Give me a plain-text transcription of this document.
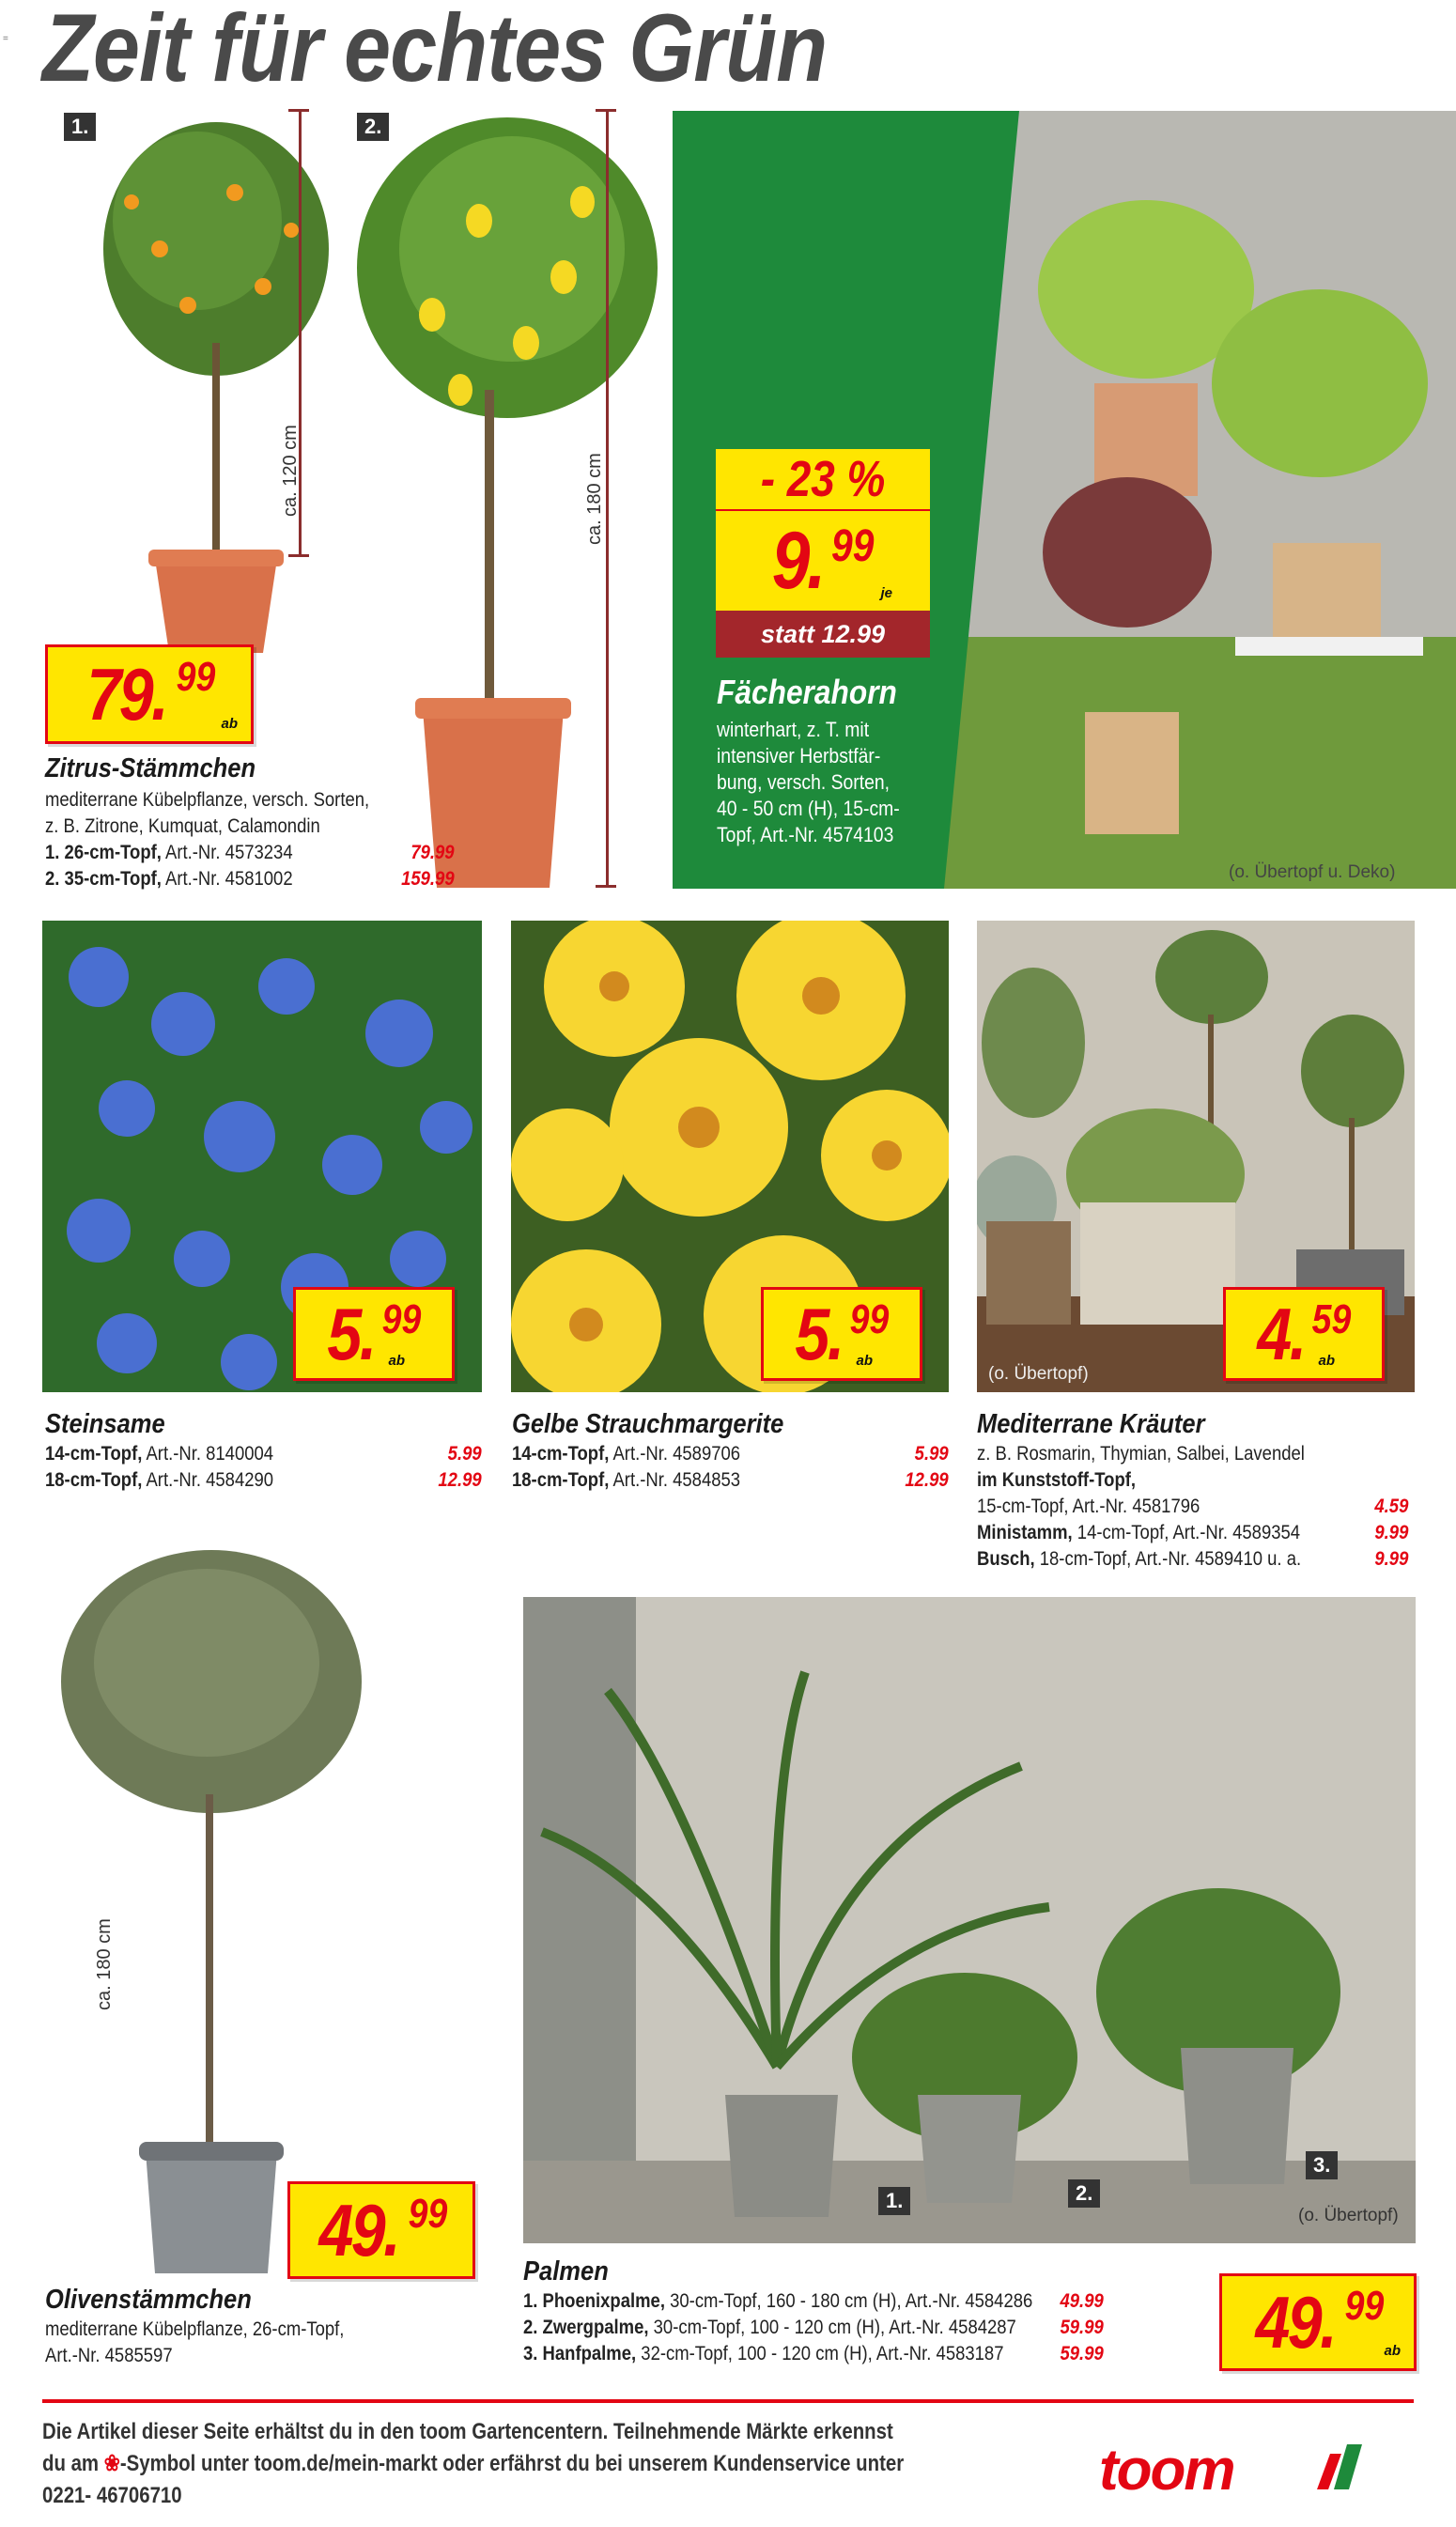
= Zeit für echtes Grün
1.	2.
ca. 120 cm	ca. 180 cm
79. 99
ab
Zitrus-Stämmchen
mediterrane Kübelpflanze, versch. Sorten,
z. B. Zitrone, Kumquat, Calamondin
1. 26-cm-Topf, Art.-Nr. 4573234	79.99
2. 35-cm-Topf, Art.-Nr. 4581002	159.99
- 23 %
9. 99
je
statt 12.99
Fächerahorn
winterhart, z. T. mit
intensiver Herbstfär-
bung, versch. Sorten,
40 - 50 cm (H), 15-cm-
Topf, Art.-Nr. 4574103
(o. Übertopf u. Deko)
5. 99
ab
Steinsame
14-cm-Topf, Art.-Nr. 8140004	5.99
18-cm-Topf, Art.-Nr. 4584290	12.99
5. 99
ab
Gelbe Strauchmargerite
14-cm-Topf, Art.-Nr. 4589706	5.99
18-cm-Topf, Art.-Nr. 4584853	12.99
(o. Übertopf) 4. 59
ab
Mediterrane Kräuter
z. B. Rosmarin, Thymian, Salbei, Lavendel
im Kunststoff-Topf,
15-cm-Topf, Art.-Nr. 4581796	4.59
Ministamm, 14-cm-Topf, Art.-Nr. 4589354	9.99
Busch, 18-cm-Topf, Art.-Nr. 4589410 u. a.	9.99
ca. 180 cm
49. 99
Olivenstämmchen
mediterrane Kübelpflanze, 26-cm-Topf,
Art.-Nr. 4585597
1.	2.
3.
(o. Übertopf)
Palmen
1. Phoenixpalme, 30-cm-Topf, 160 - 180 cm (H), Art.-Nr. 4584286 49.99
2. Zwergpalme, 30-cm-Topf, 100 - 120 cm (H), Art.-Nr. 4584287 59.99
3. Hanfpalme, 32-cm-Topf, 100 - 120 cm (H), Art.-Nr. 4583187	59.99 49. 99
ab
Die Artikel dieser Seite erhältst du in den toom Gartencentern. Teilnehmende Märkte erkennst
du am ❀-Symbol unter toom.de/mein-markt oder erfährst du bei unserem Kundenservice unter
0221- 46706710	toom
